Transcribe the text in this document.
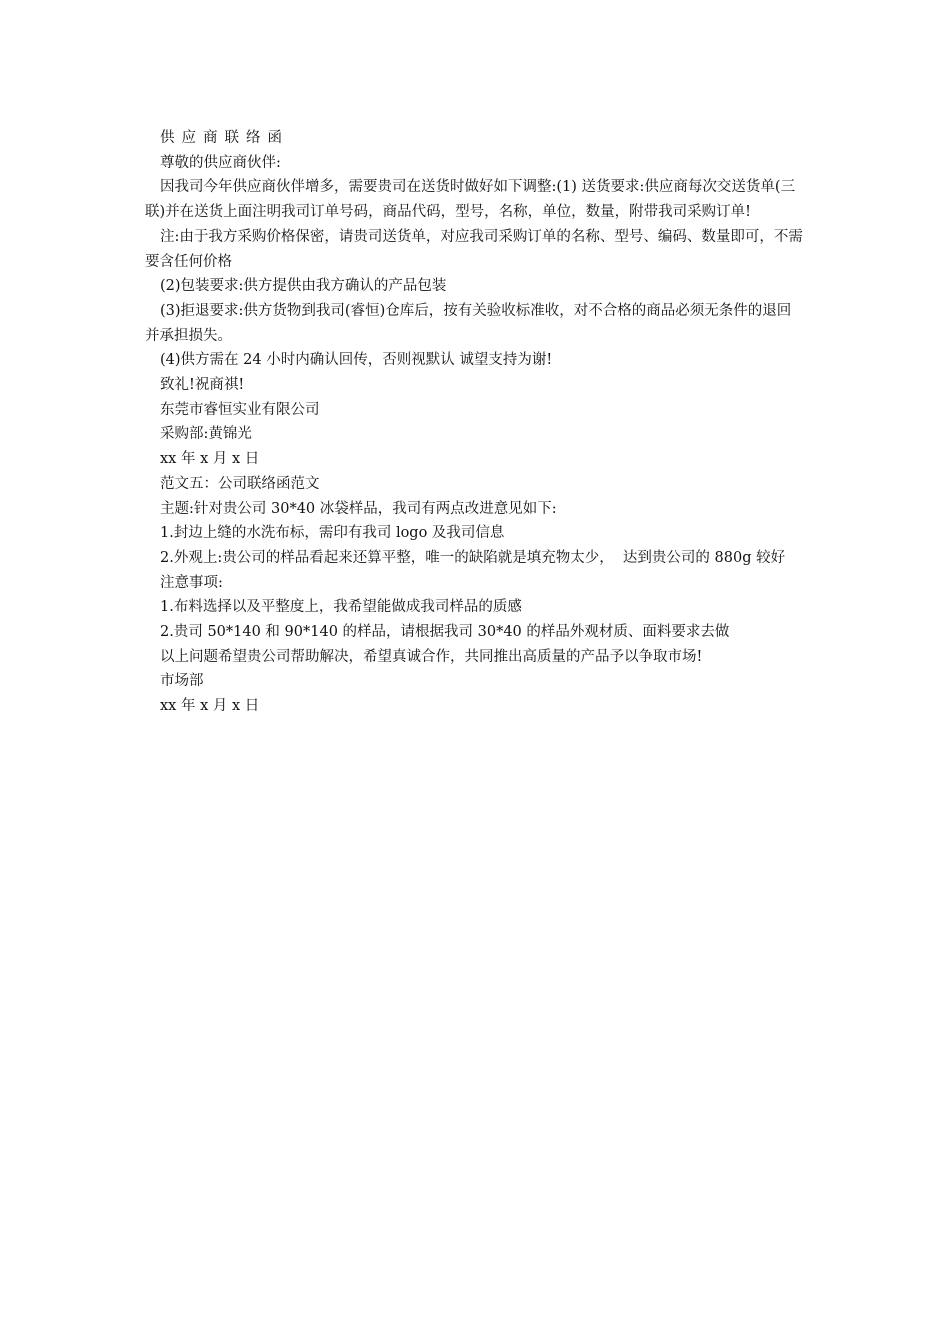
供应商联络函

尊敬的供应商伙伴:

因我司今年供应商伙伴增多，需要贵司在送货时做好如下调整:(1) 送货要求:供应商每次交送货单(三联)并在送货上面注明我司订单号码，商品代码，型号，名称，单位，数量，附带我司采购订单!

注:由于我方采购价格保密，请贵司送货单，对应我司采购订单的名称、型号、编码、数量即可，不需要含任何价格

(2)包装要求:供方提供由我方确认的产品包装

(3)拒退要求:供方货物到我司(睿恒)仓库后，按有关验收标准收，对不合格的商品必须无条件的退回并承担损失。

(4)供方需在 24 小时内确认回传，否则视默认 诚望支持为谢!

致礼!祝商祺!

东莞市睿恒实业有限公司

采购部:黄锦光

xx 年 x 月 x 日

范文五：公司联络函范文

主题:针对贵公司 30*40 冰袋样品，我司有两点改进意见如下:

1.封边上缝的水洗布标，需印有我司 logo 及我司信息

2.外观上:贵公司的样品看起来还算平整，唯一的缺陷就是填充物太少，  达到贵公司的 880g 较好

注意事项:

1.布料选择以及平整度上，我希望能做成我司样品的质感

2.贵司 50*140 和 90*140 的样品，请根据我司 30*40 的样品外观材质、面料要求去做

以上问题希望贵公司帮助解决，希望真诚合作，共同推出高质量的产品予以争取市场!

市场部

xx 年 x 月 x 日
